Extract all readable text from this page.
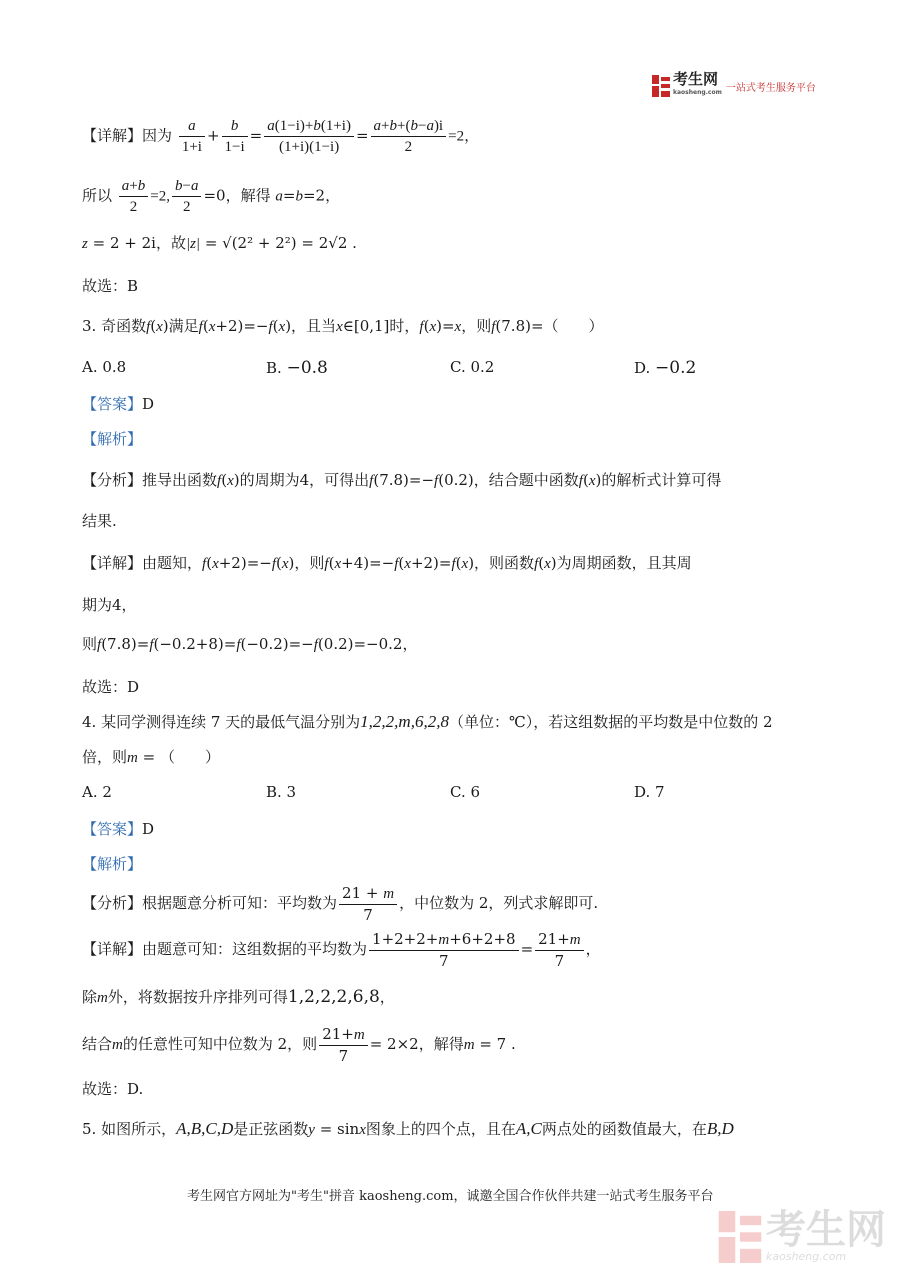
考生网
kaosheng.com 一站式考生服务平台
【详解】因为 $\frac{a}{1+i} + \frac{b}{1-i} = \frac{a(1-i)+b(1+i)}{(1+i)(1-i)} = \frac{a+b+(b-a)i}{2} =2$，
所以 $\frac{a+b}{2} =2$, $\frac{b-a}{2} =0$，解得 a=b=2，
z = 2 + 2i，故|z| = √(2² + 2²) = 2√2 .
故选：B
3. 奇函数f(x)满足f(x+2)=−f(x)，且当x∈[0,1]时，f(x)=x，则f(7.8)=（　　）
A. 0.8	B. −0.8	C. 0.2	D. −0.2
【答案】D
【解析】
【分析】推导出函数f(x)的周期为4，可得出f(7.8)=−f(0.2)，结合题中函数f(x)的解析式计算可得
结果.
【详解】由题知，f(x+2)=−f(x)，则f(x+4)=−f(x+2)=f(x)，则函数f(x)为周期函数，且其周
期为4，
则f(7.8)=f(−0.2+8)=f(−0.2)=−f(0.2)=−0.2，
故选：D
4. 某同学测得连续 7 天的最低气温分别为1,2,2,m,6,2,8（单位：℃），若这组数据的平均数是中位数的 2
倍，则m = （　　）
A. 2	B. 3	C. 6	D. 7
【答案】D
【解析】
【分析】根据题意分析可知：平均数为 $\frac{21 + m}{7}$ ，中位数为 2，列式求解即可.
【详解】由题意可知：这组数据的平均数为 $\frac{1+2+2+m+6+2+8}{7} = \frac{21+m}{7}$ ，
除m外，将数据按升序排列可得1,2,2,2,6,8，
结合m的任意性可知中位数为 2，则 $\frac{21+m}{7} = 2\times 2$，解得m = 7 .
故选：D.
5. 如图所示，A,B,C,D是正弦函数y = sinx图象上的四个点，且在A,C两点处的函数值最大，在B,D
考生网官方网址为"考生"拼音 kaosheng.com，诚邀全国合作伙伴共建一站式考生服务平台
考生网
kaosheng.com
